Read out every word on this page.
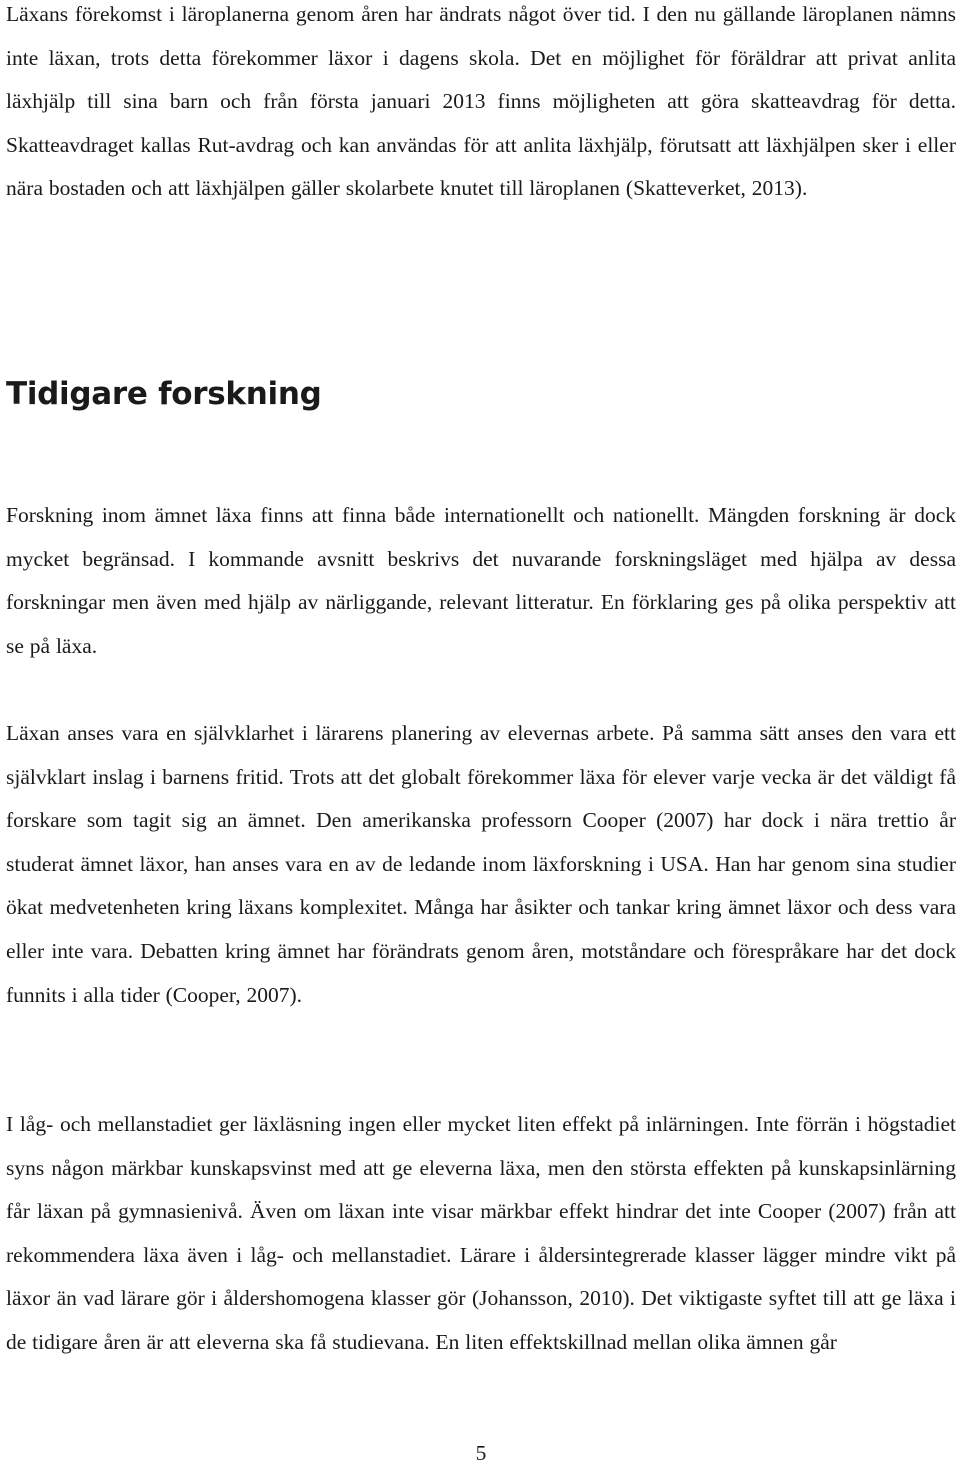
Läxans förekomst i läroplanerna genom åren har ändrats något över tid. I den nu gällande läroplanen nämns inte läxan, trots detta förekommer läxor i dagens skola. Det en möjlighet för föräldrar att privat anlita läxhjälp till sina barn och från första januari 2013 finns möjligheten att göra skatteavdrag för detta. Skatteavdraget kallas Rut-avdrag och kan användas för att anlita läxhjälp, förutsatt att läxhjälpen sker i eller nära bostaden och att läxhjälpen gäller skolarbete knutet till läroplanen (Skatteverket, 2013).

Tidigare forskning

Forskning inom ämnet läxa finns att finna både internationellt och nationellt. Mängden forskning är dock mycket begränsad. I kommande avsnitt beskrivs det nuvarande forskningsläget med hjälpa av dessa forskningar men även med hjälp av närliggande, relevant litteratur. En förklaring ges på olika perspektiv att se på läxa.

Läxan anses vara en självklarhet i lärarens planering av elevernas arbete. På samma sätt anses den vara ett självklart inslag i barnens fritid. Trots att det globalt förekommer läxa för elever varje vecka är det väldigt få forskare som tagit sig an ämnet. Den amerikanska professorn Cooper (2007) har dock i nära trettio år studerat ämnet läxor, han anses vara en av de ledande inom läxforskning i USA. Han har genom sina studier ökat medvetenheten kring läxans komplexitet. Många har åsikter och tankar kring ämnet läxor och dess vara eller inte vara. Debatten kring ämnet har förändrats genom åren, motståndare och förespråkare har det dock funnits i alla tider (Cooper, 2007).

I låg- och mellanstadiet ger läxläsning ingen eller mycket liten effekt på inlärningen. Inte förrän i högstadiet syns någon märkbar kunskapsvinst med att ge eleverna läxa, men den största effekten på kunskapsinlärning får läxan på gymnasienivå. Även om läxan inte visar märkbar effekt hindrar det inte Cooper (2007) från att rekommendera läxa även i låg- och mellanstadiet. Lärare i åldersintegrerade klasser lägger mindre vikt på läxor än vad lärare gör i åldershomogena klasser gör (Johansson, 2010). Det viktigaste syftet till att ge läxa i de tidigare åren är att eleverna ska få studievana. En liten effektskillnad mellan olika ämnen går

5
